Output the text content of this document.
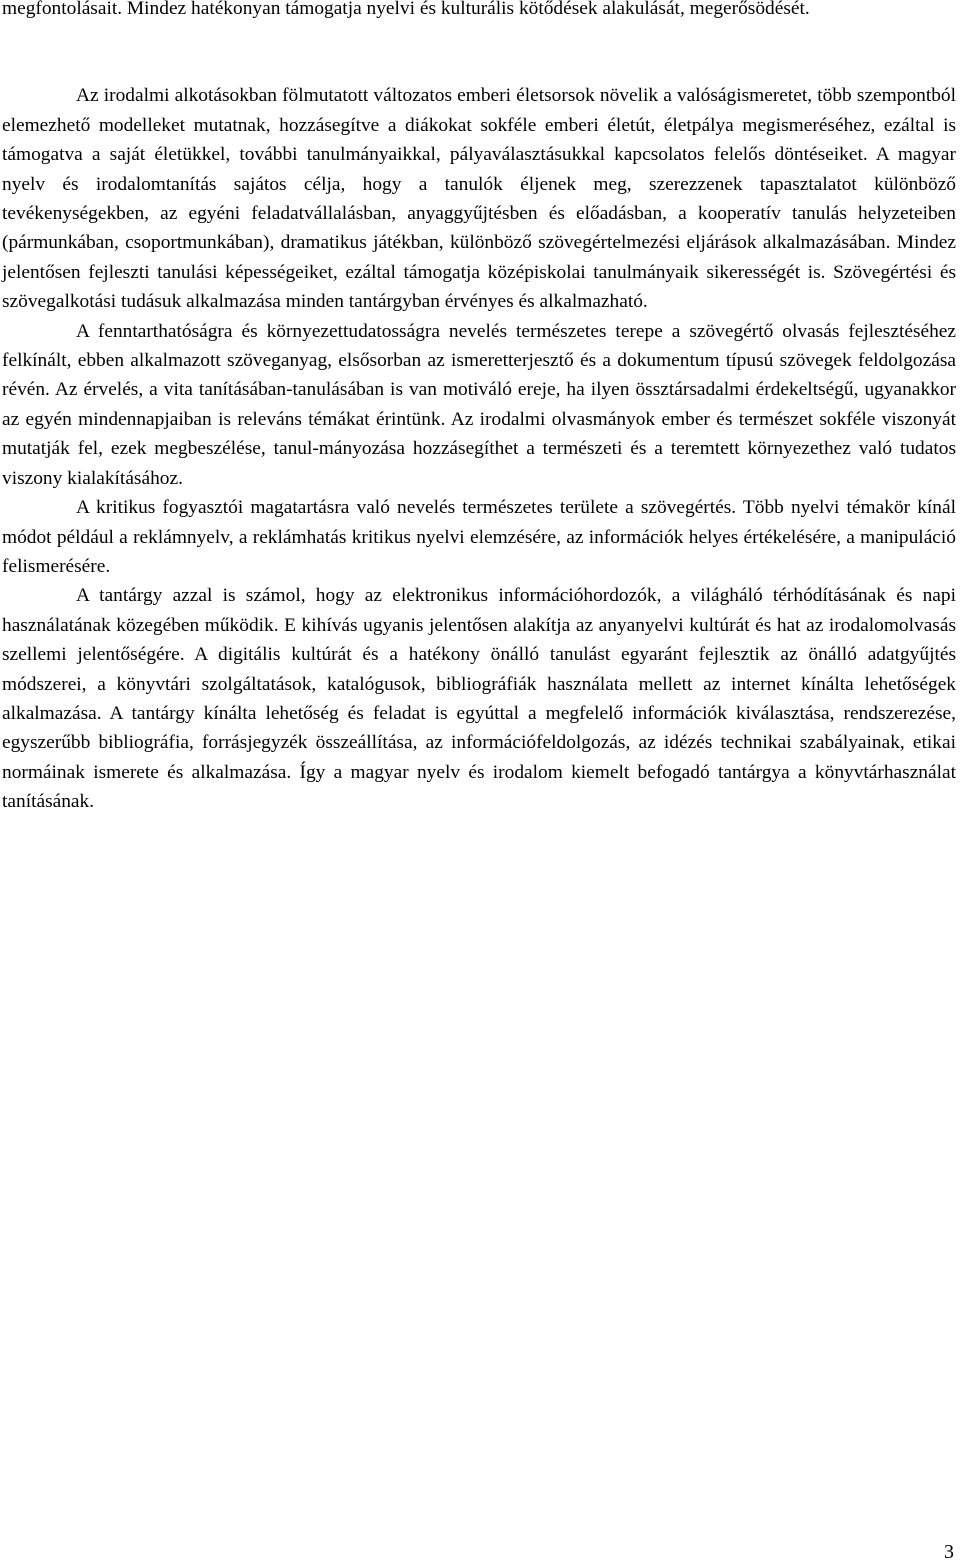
megfontolásait. Mindez hatékonyan támogatja nyelvi és kulturális kötődések alakulását, megerősödését.

Az irodalmi alkotásokban fölmutatott változatos emberi életsorsok növelik a valóságismeretet, több szempontból elemezhető modelleket mutatnak, hozzásegítve a diákokat sokféle emberi életút, életpálya megismeréséhez, ezáltal is támogatva a saját életükkel, további tanulmányaikkal, pályaválasztásukkal kapcsolatos felelős döntéseiket. A magyar nyelv és irodalomtanítás sajátos célja, hogy a tanulók éljenek meg, szerezzenek tapasztalatot különböző tevékenységekben, az egyéni feladatvállalásban, anyaggyűjtésben és előadásban, a kooperatív tanulás helyzeteiben (pármunkában, csoportmunkában), dramatikus játékban, különböző szövegértelmezési eljárások alkalmazásában. Mindez jelentősen fejleszti tanulási képességeiket, ezáltal támogatja középiskolai tanulmányaik sikerességét is. Szövegértési és szövegalkotási tudásuk alkalmazása minden tantárgyban érvényes és alkalmazható.

A fenntarthatóságra és környezettudatosságra nevelés természetes terepe a szövegértő olvasás fejlesztéséhez felkínált, ebben alkalmazott szöveganyag, elsősorban az ismeretterjesztő és a dokumentum típusú szövegek feldolgozása révén. Az érvelés, a vita tanításában-tanulásában is van motiváló ereje, ha ilyen össztársadalmi érdekeltségű, ugyanakkor az egyén mindennapjaiban is releváns témákat érintünk. Az irodalmi olvasmányok ember és természet sokféle viszonyát mutatják fel, ezek megbeszélése, tanul-mányozása hozzásegíthet a természeti és a teremtett környezethez való tudatos viszony kialakításához.

A kritikus fogyasztói magatartásra való nevelés természetes területe a szövegértés. Több nyelvi témakör kínál módot például a reklámnyelv, a reklámhatás kritikus nyelvi elemzésére, az információk helyes értékelésére, a manipuláció felismerésére.

A tantárgy azzal is számol, hogy az elektronikus információhordozók, a világháló térhódításának és napi használatának közegében működik. E kihívás ugyanis jelentősen alakítja az anyanyelvi kultúrát és hat az irodalomolvasás szellemi jelentőségére. A digitális kultúrát és a hatékony önálló tanulást egyaránt fejlesztik az önálló adatgyűjtés módszerei, a könyvtári szolgáltatások, katalógusok, bibliográfiák használata mellett az internet kínálta lehetőségek alkalmazása. A tantárgy kínálta lehetőség és feladat is egyúttal a megfelelő információk kiválasztása, rendszerezése, egyszerűbb bibliográfia, forrásjegyzék összeállítása, az információfeldolgozás, az idézés technikai szabályainak, etikai normáinak ismerete és alkalmazása. Így a magyar nyelv és irodalom kiemelt befogadó tantárgya a könyvtárhasználat tanításának.

3
